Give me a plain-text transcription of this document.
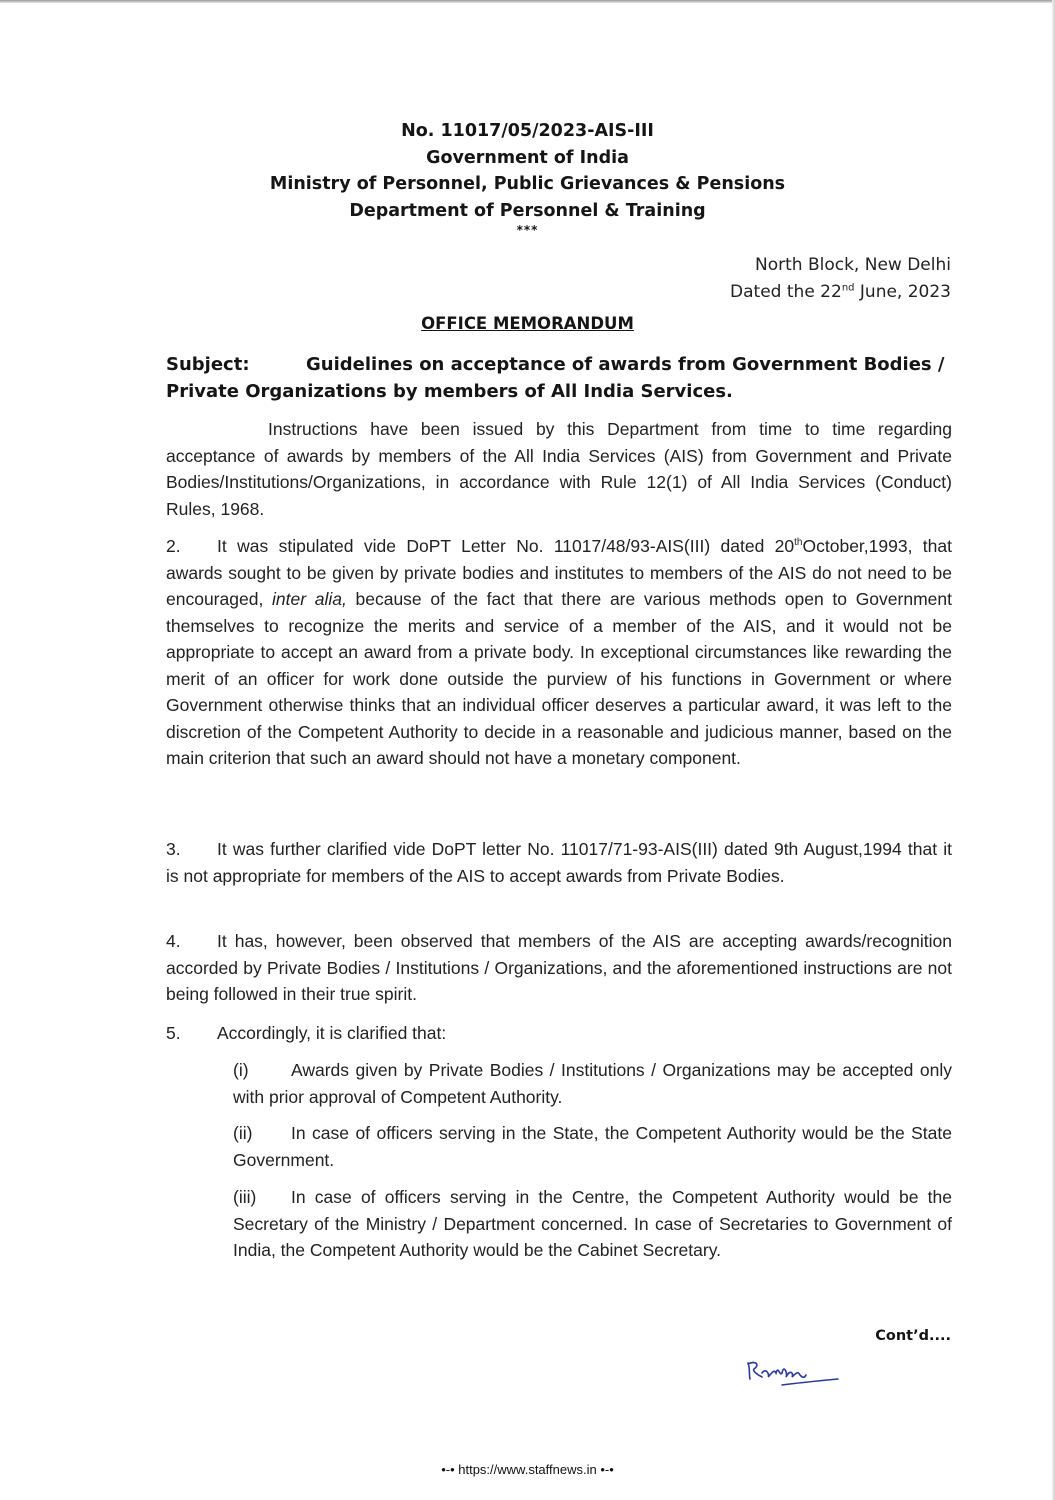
No. 11017/05/2023-AIS-III
Government of India
Ministry of Personnel, Public Grievances & Pensions
Department of Personnel & Training
***
North Block, New Delhi
Dated the 22nd June, 2023
OFFICE MEMORANDUM
Subject:	Guidelines on acceptance of awards from Government Bodies / Private Organizations by members of All India Services.
Instructions have been issued by this Department from time to time regarding acceptance of awards by members of the All India Services (AIS) from Government and Private Bodies/Institutions/Organizations, in accordance with Rule 12(1) of All India Services (Conduct) Rules, 1968.
2. It was stipulated vide DoPT Letter No. 11017/48/93-AIS(III) dated 20thOctober,1993, that awards sought to be given by private bodies and institutes to members of the AIS do not need to be encouraged, inter alia, because of the fact that there are various methods open to Government themselves to recognize the merits and service of a member of the AIS, and it would not be appropriate to accept an award from a private body. In exceptional circumstances like rewarding the merit of an officer for work done outside the purview of his functions in Government or where Government otherwise thinks that an individual officer deserves a particular award, it was left to the discretion of the Competent Authority to decide in a reasonable and judicious manner, based on the main criterion that such an award should not have a monetary component.
3. It was further clarified vide DoPT letter No. 11017/71-93-AIS(III) dated 9th August,1994 that it is not appropriate for members of the AIS to accept awards from Private Bodies.
4. It has, however, been observed that members of the AIS are accepting awards/recognition accorded by Private Bodies / Institutions / Organizations, and the aforementioned instructions are not being followed in their true spirit.
5. Accordingly, it is clarified that:
(i) Awards given by Private Bodies / Institutions / Organizations may be accepted only with prior approval of Competent Authority.
(ii) In case of officers serving in the State, the Competent Authority would be the State Government.
(iii) In case of officers serving in the Centre, the Competent Authority would be the Secretary of the Ministry / Department concerned. In case of Secretaries to Government of India, the Competent Authority would be the Cabinet Secretary.
Cont’d....
•-• https://www.staffnews.in •-•
